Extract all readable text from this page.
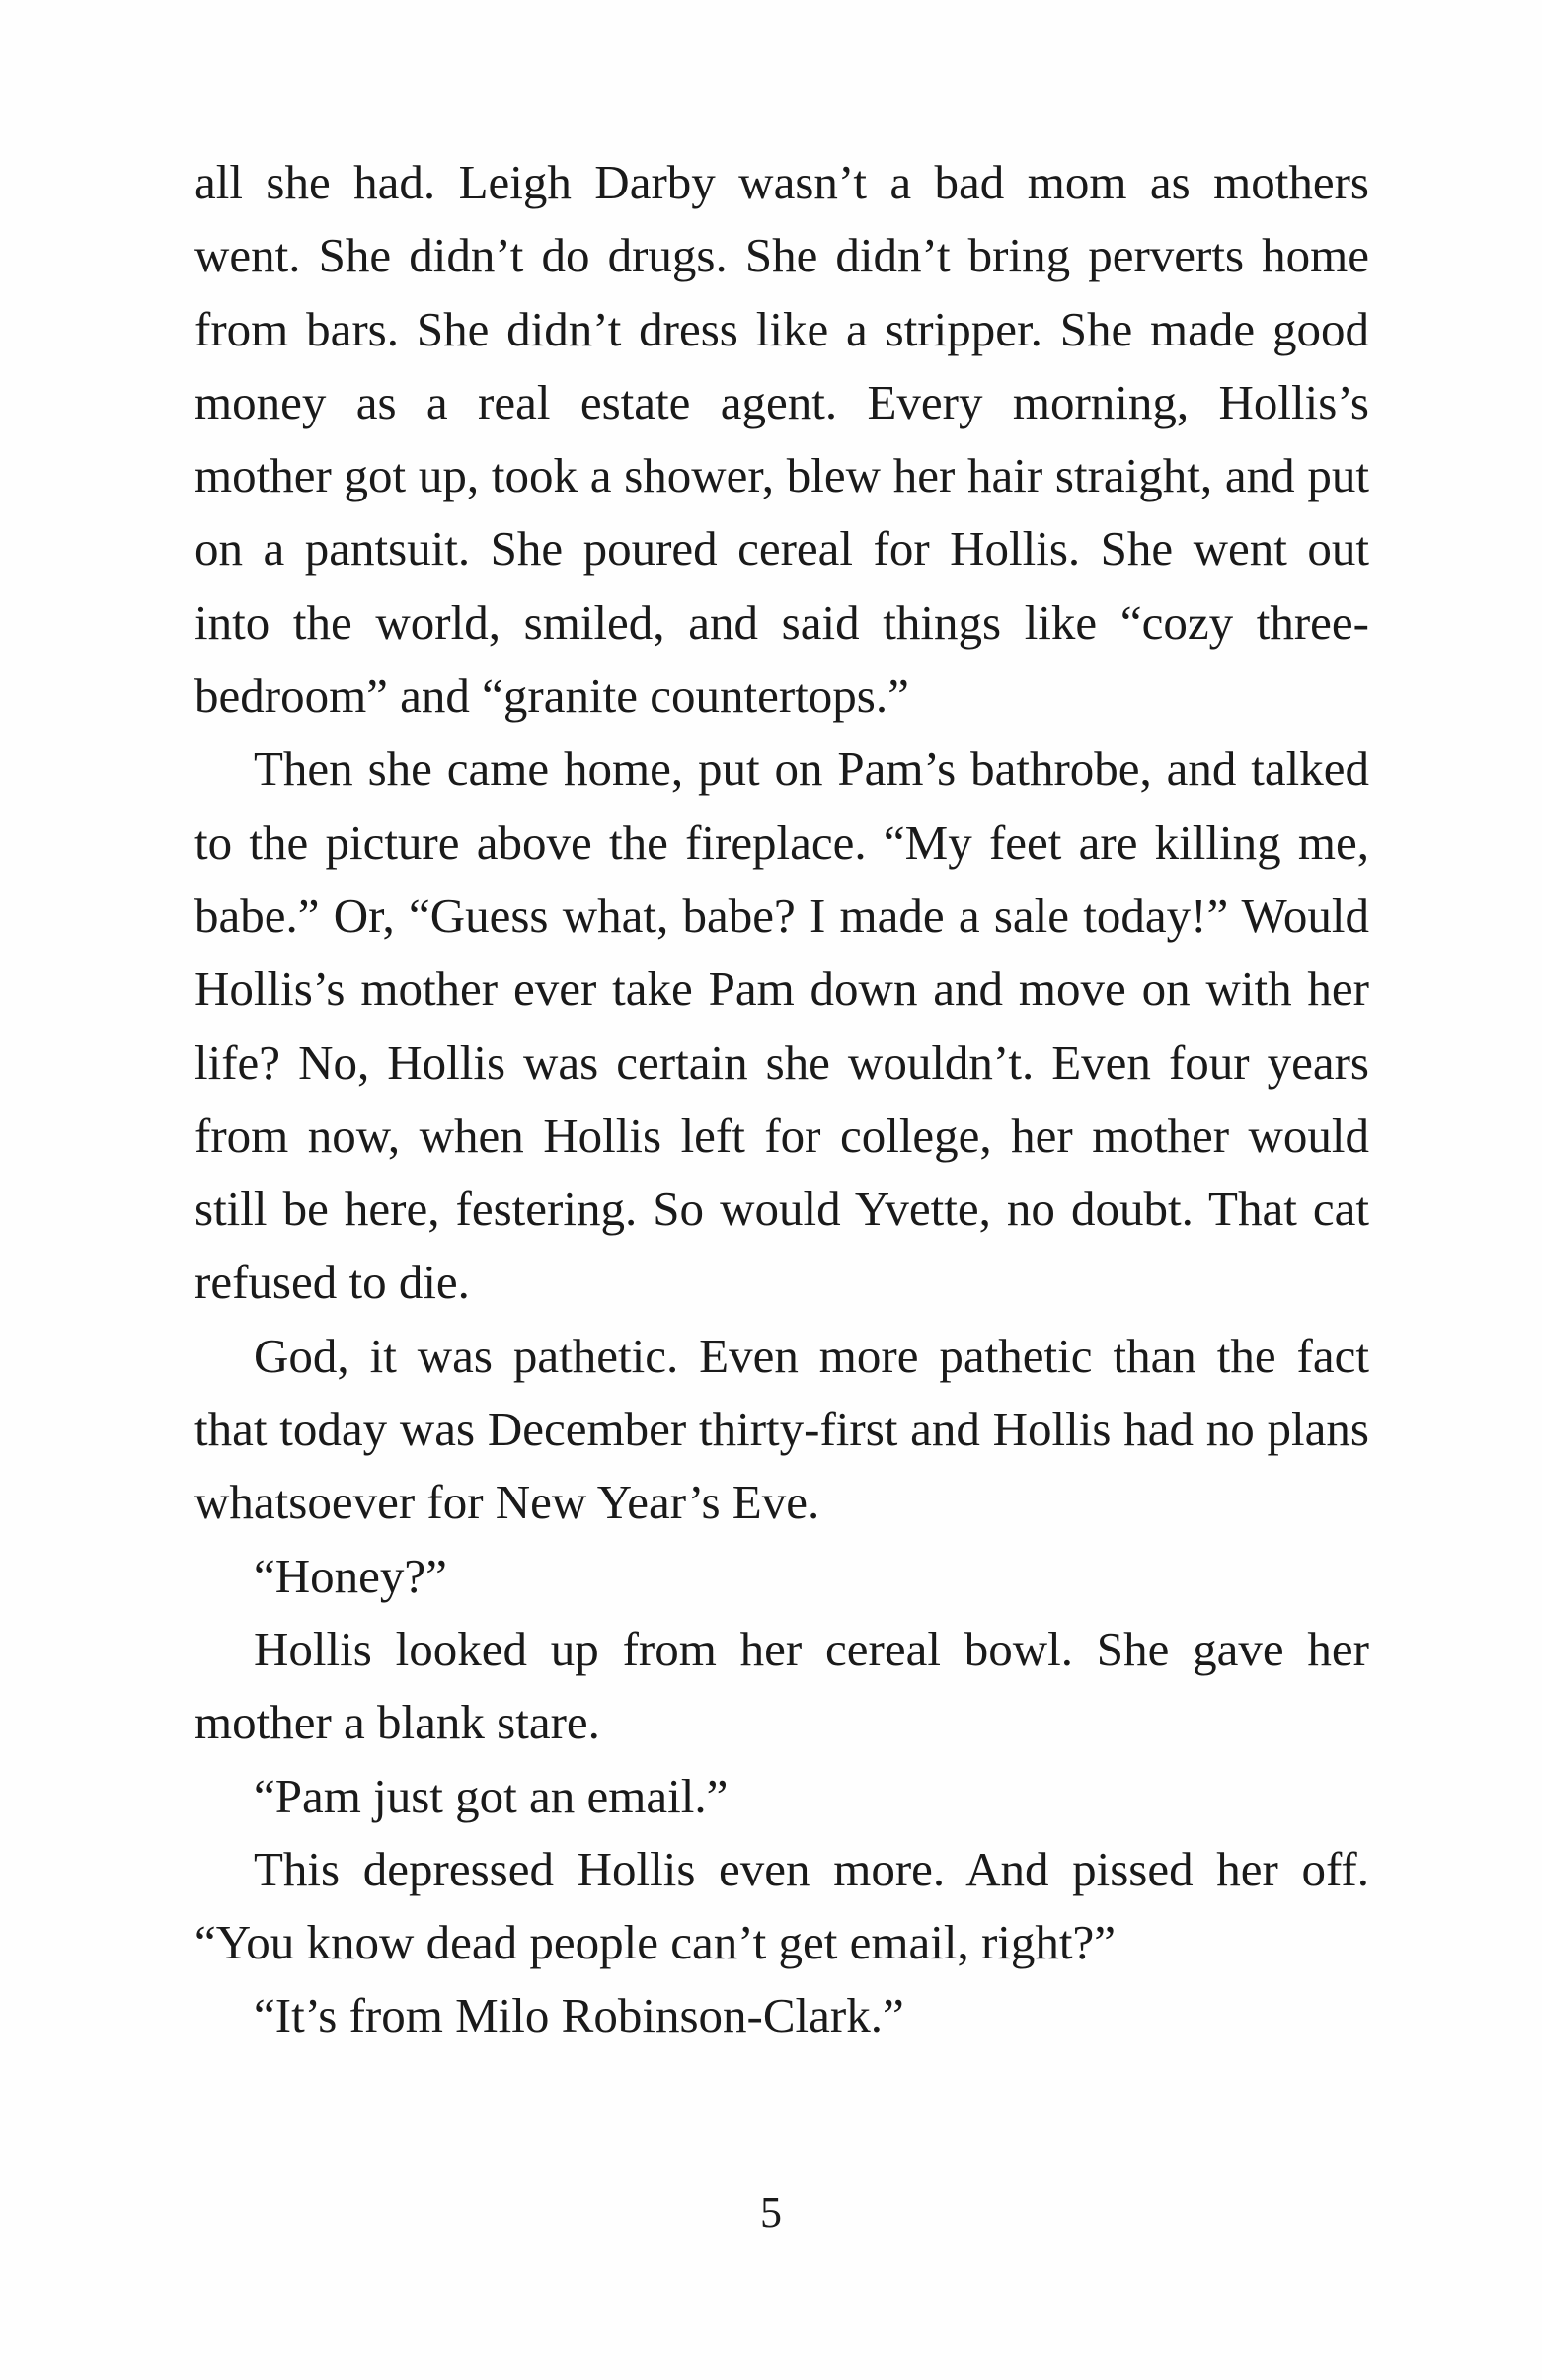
all she had. Leigh Darby wasn’t a bad mom as mothers went. She didn’t do drugs. She didn’t bring perverts home from bars. She didn’t dress like a stripper. She made good money as a real estate agent. Every morning, Hollis’s mother got up, took a shower, blew her hair straight, and put on a pantsuit. She poured cereal for Hollis. She went out into the world, smiled, and said things like “cozy three-bedroom” and “granite countertops.”

Then she came home, put on Pam’s bathrobe, and talked to the picture above the fireplace. “My feet are killing me, babe.” Or, “Guess what, babe? I made a sale today!” Would Hollis’s mother ever take Pam down and move on with her life? No, Hollis was certain she wouldn’t. Even four years from now, when Hollis left for college, her mother would still be here, festering. So would Yvette, no doubt. That cat refused to die.

God, it was pathetic. Even more pathetic than the fact that today was December thirty-first and Hollis had no plans whatsoever for New Year’s Eve.

“Honey?”

Hollis looked up from her cereal bowl. She gave her mother a blank stare.

“Pam just got an email.”

This depressed Hollis even more. And pissed her off. “You know dead people can’t get email, right?”

“It’s from Milo Robinson-Clark.”

5
